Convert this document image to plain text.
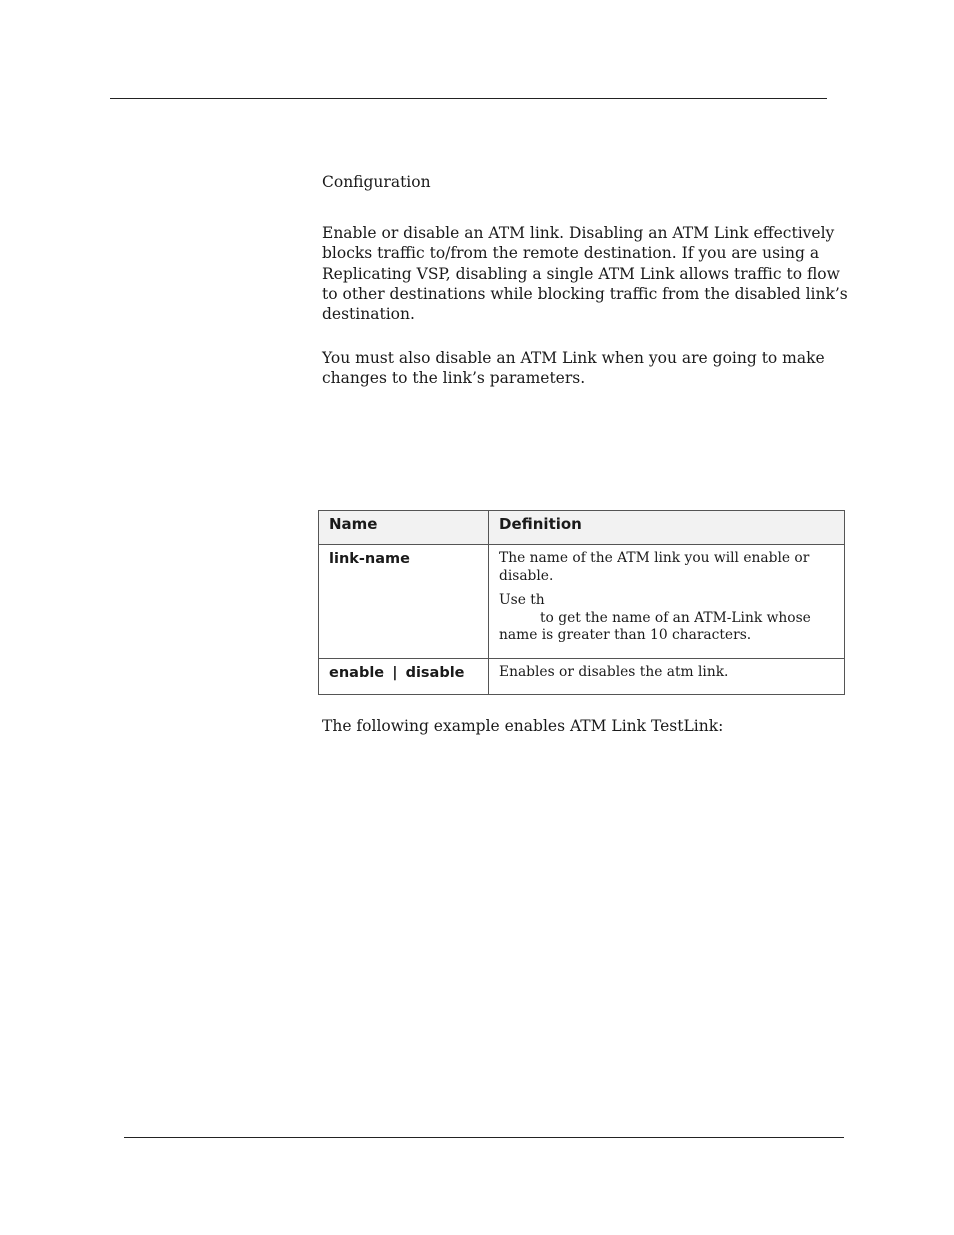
Configuration

Enable or disable an ATM link. Disabling an ATM Link effectively blocks traffic to/from the remote destination. If you are using a Replicating VSP, disabling a single ATM Link allows traffic to flow to other destinations while blocking traffic from the disabled link’s destination.

You must also disable an ATM Link when you are going to make changes to the link’s parameters.

Name	Definition

link-name	The name of the ATM link you will enable or disable.

Use th
to get the name of an ATM-Link whose name is greater than 10 characters.

enable | disable	Enables or disables the atm link.

The following example enables ATM Link TestLink:
